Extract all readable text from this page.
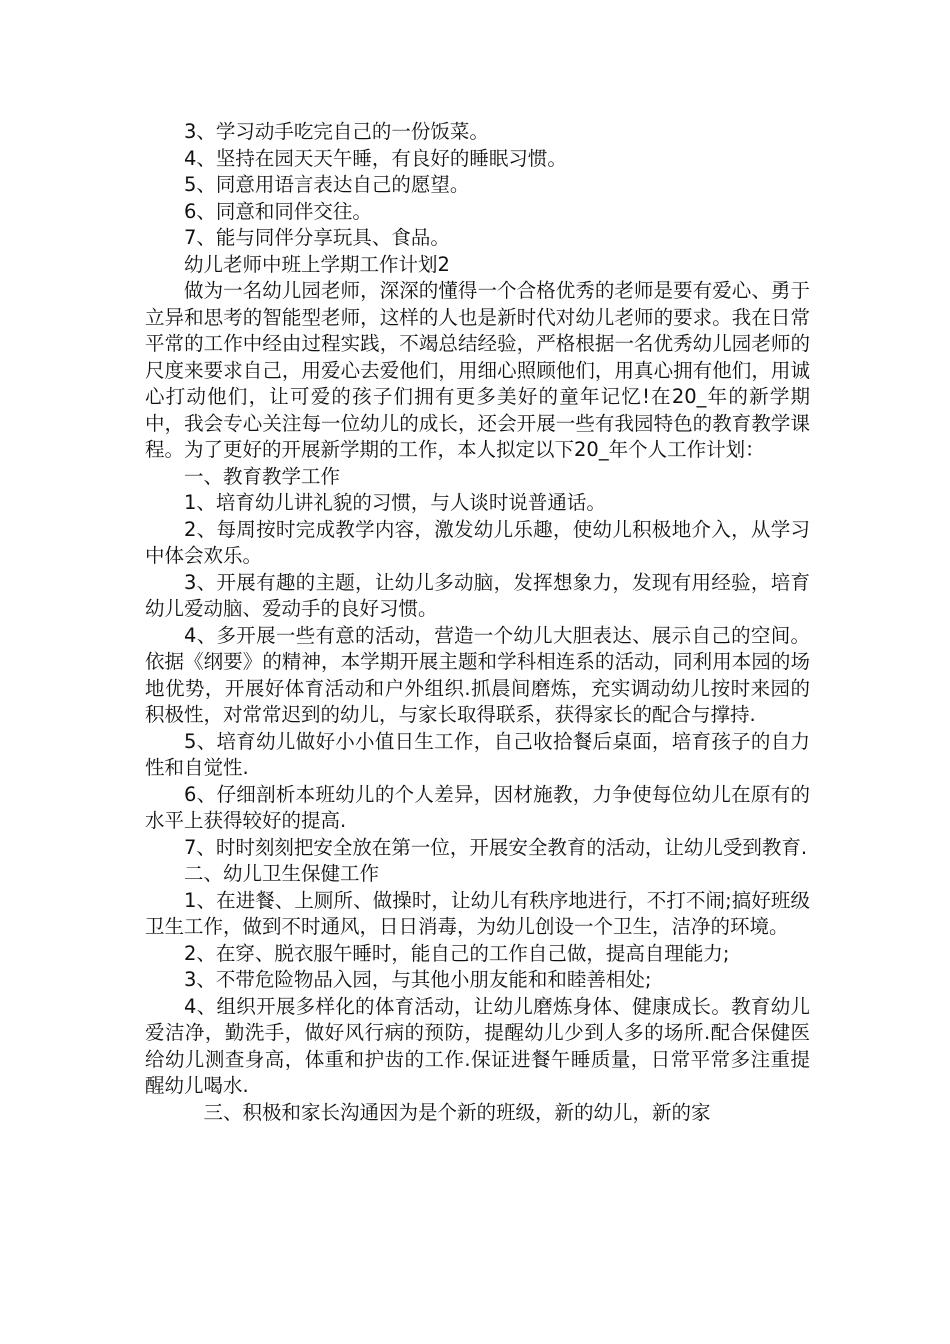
3、学习动手吃完自己的一份饭菜。

4、坚持在园天天午睡，有良好的睡眠习惯。

5、同意用语言表达自己的愿望。

6、同意和同伴交往。

7、能与同伴分享玩具、食品。

幼儿老师中班上学期工作计划2

做为一名幼儿园老师，深深的懂得一个合格优秀的老师是要有爱心、勇于立异和思考的智能型老师，这样的人也是新时代对幼儿老师的要求。我在日常平常的工作中经由过程实践，不竭总结经验，严格根据一名优秀幼儿园老师的尺度来要求自己，用爱心去爱他们，用细心照顾他们，用真心拥有他们，用诚心打动他们，让可爱的孩子们拥有更多美好的童年记忆!在20_年的新学期中，我会专心关注每一位幼儿的成长，还会开展一些有我园特色的教育教学课程。为了更好的开展新学期的工作，本人拟定以下20_年个人工作计划：

一、教育教学工作

1、培育幼儿讲礼貌的习惯，与人谈时说普通话。

2、每周按时完成教学内容，激发幼儿乐趣，使幼儿积极地介入，从学习中体会欢乐。

3、开展有趣的主题，让幼儿多动脑，发挥想象力，发现有用经验，培育幼儿爱动脑、爱动手的良好习惯。

4、多开展一些有意的活动，营造一个幼儿大胆表达、展示自己的空间。依据《纲要》的精神，本学期开展主题和学科相连系的活动，同利用本园的场地优势，开展好体育活动和户外组织.抓晨间磨炼，充实调动幼儿按时来园的积极性，对常常迟到的幼儿，与家长取得联系，获得家长的配合与撑持.

5、培育幼儿做好小小值日生工作，自己收拾餐后桌面，培育孩子的自力性和自觉性.

6、仔细剖析本班幼儿的个人差异，因材施教，力争使每位幼儿在原有的水平上获得较好的提高.

7、时时刻刻把安全放在第一位，开展安全教育的活动，让幼儿受到教育.

二、幼儿卫生保健工作

1、在进餐、上厕所、做操时，让幼儿有秩序地进行，不打不闹;搞好班级卫生工作，做到不时通风，日日消毒，为幼儿创设一个卫生，洁净的环境。

2、在穿、脱衣服午睡时，能自己的工作自己做，提高自理能力;

3、不带危险物品入园，与其他小朋友能和和睦善相处;

4、组织开展多样化的体育活动，让幼儿磨炼身体、健康成长。教育幼儿爱洁净，勤洗手，做好风行病的预防，提醒幼儿少到人多的场所.配合保健医给幼儿测查身高，体重和护齿的工作.保证进餐午睡质量，日常平常多注重提醒幼儿喝水.

三、积极和家长沟通因为是个新的班级，新的幼儿，新的家
